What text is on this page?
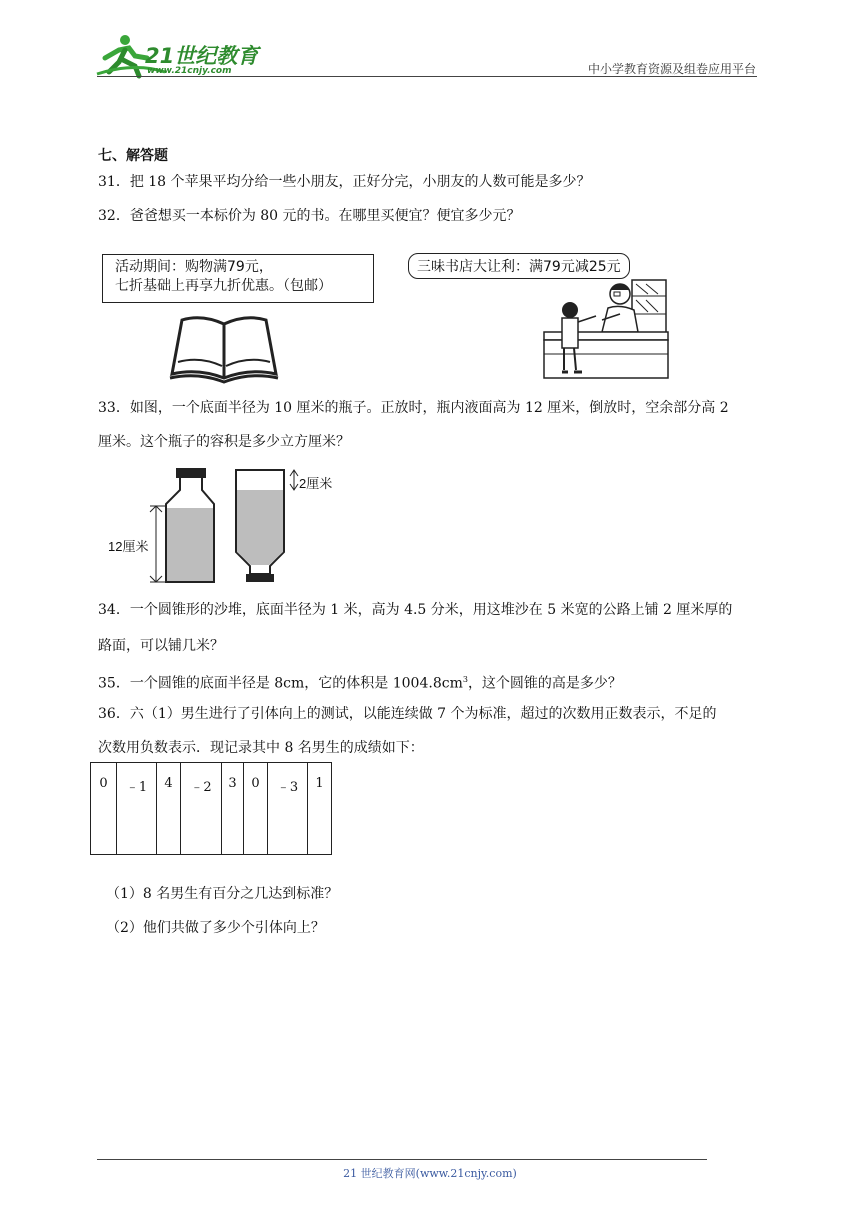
21世纪教育
www.21cnjy.com	中小学教育资源及组卷应用平台
七、解答题
31．把 18 个苹果平均分给一些小朋友，正好分完，小朋友的人数可能是多少？
32．爸爸想买一本标价为 80 元的书。在哪里买便宜？便宜多少元？
活动期间：购物满79元，
七折基础上再享九折优惠。（包邮）
三味书店大让利：满79元减25元
33．如图，一个底面半径为 10 厘米的瓶子。正放时，瓶内液面高为 12 厘米，倒放时，空余部分高 2
厘米。这个瓶子的容积是多少立方厘米？
12厘米
2厘米
34．一个圆锥形的沙堆，底面半径为 1 米，高为 4.5 分米，用这堆沙在 5 米宽的公路上铺 2 厘米厚的
路面，可以铺几米？
35．一个圆锥的底面半径是 8cm，它的体积是 $1004.8cm^3$，这个圆锥的高是多少？
36．六（1）男生进行了引体向上的测试，以能连续做 7 个为标准，超过的次数用正数表示，不足的
次数用负数表示．现记录其中 8 名男生的成绩如下：
0	﹣1	4	﹣2	3	0	﹣3	1
（1）8 名男生有百分之几达到标准？
（2）他们共做了多少个引体向上？
21 世纪教育网(www.21cnjy.com)
